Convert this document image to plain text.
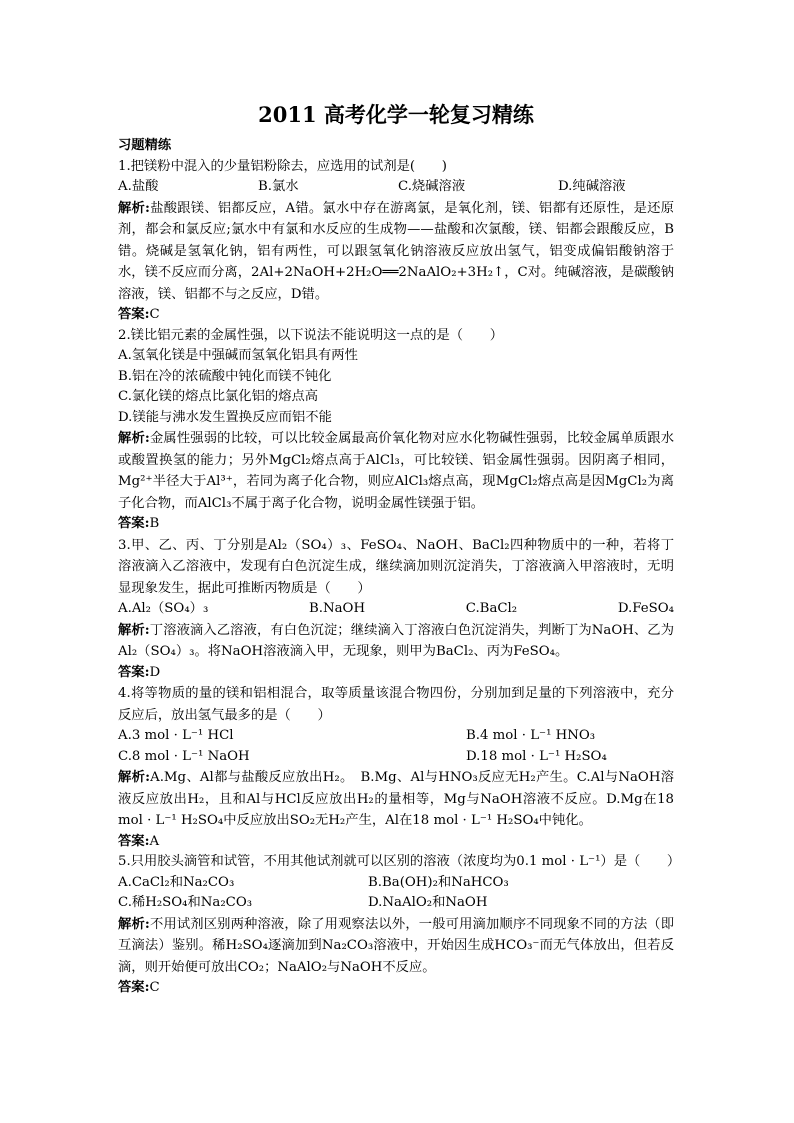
2011 高考化学一轮复习精练
习题精练
1.把镁粉中混入的少量铝粉除去，应选用的试剂是(　　)
A.盐酸	B.氯水	C.烧碱溶液	D.纯碱溶液
解析:盐酸跟镁、铝都反应，A错。氯水中存在游离氯，是氧化剂，镁、铝都有还原性，是还原剂，都会和氯反应;氯水中有氯和水反应的生成物——盐酸和次氯酸，镁、铝都会跟酸反应，B错。烧碱是氢氧化钠，铝有两性，可以跟氢氧化钠溶液反应放出氢气，铝变成偏铝酸钠溶于水，镁不反应而分离，2Al+2NaOH+2H₂O══2NaAlO₂+3H₂↑，C对。纯碱溶液，是碳酸钠溶液，镁、铝都不与之反应，D错。
答案:C
2.镁比铝元素的金属性强，以下说法不能说明这一点的是（　　）
A.氢氧化镁是中强碱而氢氧化铝具有两性
B.铝在冷的浓硫酸中钝化而镁不钝化
C.氯化镁的熔点比氯化铝的熔点高
D.镁能与沸水发生置换反应而铝不能
解析:金属性强弱的比较，可以比较金属最高价氧化物对应水化物碱性强弱，比较金属单质跟水或酸置换氢的能力；另外MgCl₂熔点高于AlCl₃，可比较镁、铝金属性强弱。因阴离子相同，Mg²⁺半径大于Al³⁺，若同为离子化合物，则应AlCl₃熔点高，现MgCl₂熔点高是因MgCl₂为离子化合物，而AlCl₃不属于离子化合物，说明金属性镁强于铝。
答案:B
3.甲、乙、丙、丁分别是Al₂（SO₄）₃、FeSO₄、NaOH、BaCl₂四种物质中的一种，若将丁溶液滴入乙溶液中，发现有白色沉淀生成，继续滴加则沉淀消失，丁溶液滴入甲溶液时，无明显现象发生，据此可推断丙物质是（　　）
A.Al₂（SO₄）₃	B.NaOH	C.BaCl₂	D.FeSO₄
解析:丁溶液滴入乙溶液，有白色沉淀；继续滴入丁溶液白色沉淀消失，判断丁为NaOH、乙为Al₂（SO₄）₃。将NaOH溶液滴入甲，无现象，则甲为BaCl₂、丙为FeSO₄。
答案:D
4.将等物质的量的镁和铝相混合，取等质量该混合物四份，分别加到足量的下列溶液中，充分反应后，放出氢气最多的是（　　）
A.3 mol · L⁻¹ HCl	B.4 mol · L⁻¹ HNO₃
C.8 mol · L⁻¹ NaOH	D.18 mol · L⁻¹ H₂SO₄
解析:A.Mg、Al都与盐酸反应放出H₂。　B.Mg、Al与HNO₃反应无H₂产生。C.Al与NaOH溶液反应放出H₂，且和Al与HCl反应放出H₂的量相等，Mg与NaOH溶液不反应。D.Mg在18 mol · L⁻¹ H₂SO₄中反应放出SO₂无H₂产生，Al在18 mol · L⁻¹ H₂SO₄中钝化。
答案:A
5.只用胶头滴管和试管，不用其他试剂就可以区别的溶液（浓度均为0.1 mol · L⁻¹）是（　　）
A.CaCl₂和Na₂CO₃	B.Ba(OH)₂和NaHCO₃
C.稀H₂SO₄和Na₂CO₃	D.NaAlO₂和NaOH
解析:不用试剂区别两种溶液，除了用观察法以外，一般可用滴加顺序不同现象不同的方法（即互滴法）鉴别。稀H₂SO₄逐滴加到Na₂CO₃溶液中，开始因生成HCO₃⁻而无气体放出，但若反滴，则开始便可放出CO₂；NaAlO₂与NaOH不反应。
答案:C
